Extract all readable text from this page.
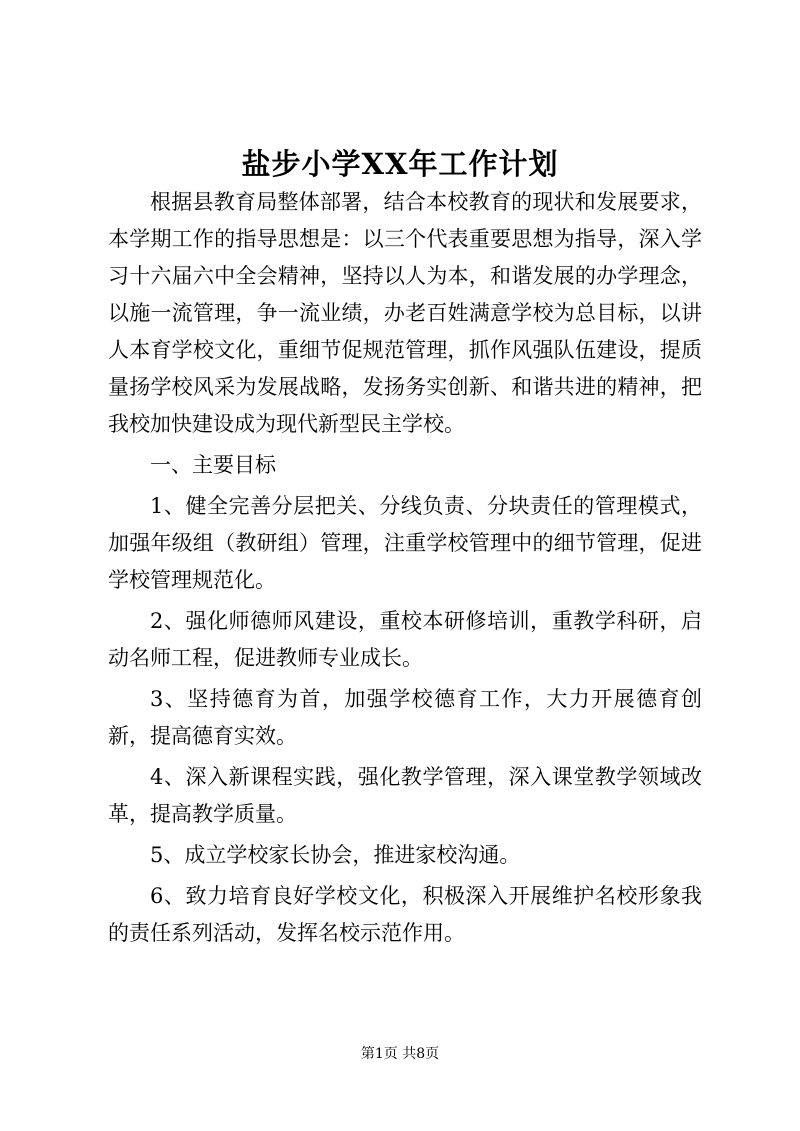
盐步小学XX年工作计划

根据县教育局整体部署，结合本校教育的现状和发展要求，本学期工作的指导思想是：以三个代表重要思想为指导，深入学习十六届六中全会精神，坚持以人为本，和谐发展的办学理念，以施一流管理，争一流业绩，办老百姓满意学校为总目标，以讲人本育学校文化，重细节促规范管理，抓作风强队伍建设，提质量扬学校风采为发展战略，发扬务实创新、和谐共进的精神，把我校加快建设成为现代新型民主学校。

一、主要目标

1、健全完善分层把关、分线负责、分块责任的管理模式，加强年级组（教研组）管理，注重学校管理中的细节管理，促进学校管理规范化。

2、强化师德师风建设，重校本研修培训，重教学科研，启动名师工程，促进教师专业成长。

3、坚持德育为首，加强学校德育工作，大力开展德育创新，提高德育实效。

4、深入新课程实践，强化教学管理，深入课堂教学领域改革，提高教学质量。

5、成立学校家长协会，推进家校沟通。

6、致力培育良好学校文化，积极深入开展维护名校形象我的责任系列活动，发挥名校示范作用。

第1页 共8页
